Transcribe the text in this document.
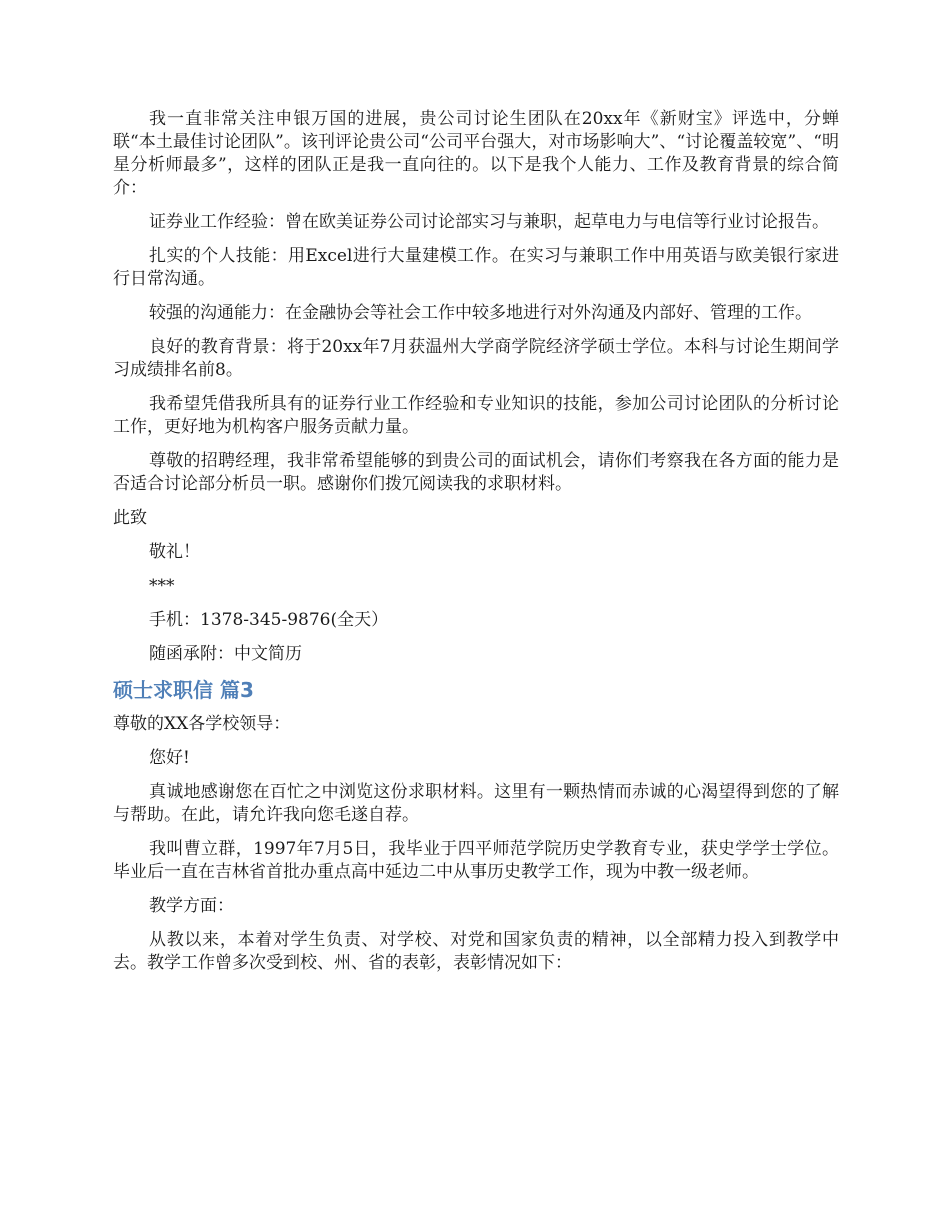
我一直非常关注申银万国的进展，贵公司讨论生团队在20xx年《新财宝》评选中，分蝉联“本土最佳讨论团队”。该刊评论贵公司“公司平台强大，对市场影响大”、“讨论覆盖较宽”、“明星分析师最多”，这样的团队正是我一直向往的。以下是我个人能力、工作及教育背景的综合简介：

证券业工作经验：曾在欧美证券公司讨论部实习与兼职，起草电力与电信等行业讨论报告。

扎实的个人技能：用Excel进行大量建模工作。在实习与兼职工作中用英语与欧美银行家进行日常沟通。

较强的沟通能力：在金融协会等社会工作中较多地进行对外沟通及内部好、管理的工作。

良好的教育背景：将于20xx年7月获温州大学商学院经济学硕士学位。本科与讨论生期间学习成绩排名前8。

我希望凭借我所具有的证券行业工作经验和专业知识的技能，参加公司讨论团队的分析讨论工作，更好地为机构客户服务贡献力量。

尊敬的招聘经理，我非常希望能够的到贵公司的面试机会，请你们考察我在各方面的能力是否适合讨论部分析员一职。感谢你们拨冗阅读我的求职材料。

此致

敬礼！

***

手机：1378-345-9876(全天）

随函承附：中文简历

硕士求职信 篇3

尊敬的XX各学校领导：

您好!

真诚地感谢您在百忙之中浏览这份求职材料。这里有一颗热情而赤诚的心渴望得到您的了解与帮助。在此，请允许我向您毛遂自荐。

我叫曹立群，1997年7月5日，我毕业于四平师范学院历史学教育专业，获史学学士学位。毕业后一直在吉林省首批办重点高中延边二中从事历史教学工作，现为中教一级老师。

教学方面：

从教以来，本着对学生负责、对学校、对党和国家负责的精神，以全部精力投入到教学中去。教学工作曾多次受到校、州、省的表彰，表彰情况如下：
